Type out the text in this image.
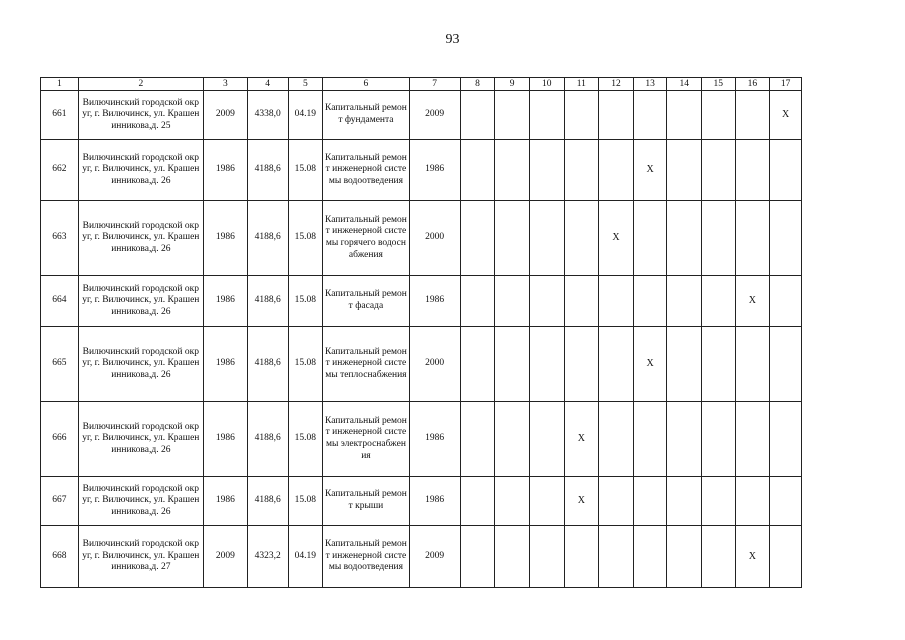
93
1	2	3	4	5	6	7	8	9	10	11	12	13	14	15	16	17
661	Вилючинский городской округ, г. Вилючинск, ул. Крашенинникова,д. 25	2009	4338,0	04.19	Капитальный ремонт фундамента	2009										X
662	Вилючинский городской округ, г. Вилючинск, ул. Крашенинникова,д. 26	1986	4188,6	15.08	Капитальный ремонт инженерной системы водоотведения	1986						X				
663	Вилючинский городской округ, г. Вилючинск, ул. Крашенинникова,д. 26	1986	4188,6	15.08	Капитальный ремонт инженерной системы горячего водоснабжения	2000					X					
664	Вилючинский городской округ, г. Вилючинск, ул. Крашенинникова,д. 26	1986	4188,6	15.08	Капитальный ремонт фасада	1986									X	
665	Вилючинский городской округ, г. Вилючинск, ул. Крашенинникова,д. 26	1986	4188,6	15.08	Капитальный ремонт инженерной системы теплоснабжения	2000						X				
666	Вилючинский городской округ, г. Вилючинск, ул. Крашенинникова,д. 26	1986	4188,6	15.08	Капитальный ремонт инженерной системы электроснабжения	1986				X						
667	Вилючинский городской округ, г. Вилючинск, ул. Крашенинникова,д. 26	1986	4188,6	15.08	Капитальный ремонт крыши	1986				X						
668	Вилючинский городской округ, г. Вилючинск, ул. Крашенинникова,д. 27	2009	4323,2	04.19	Капитальный ремонт инженерной системы водоотведения	2009									X	
